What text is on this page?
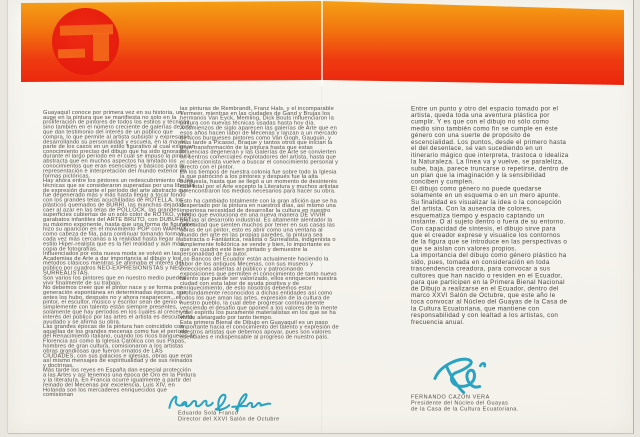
Guayaquil conoce por primera vez en su historia, un auge en la pintura que se manifiesta no solo en la proliferación de pintores de todos los estilos y técnicas, sino también en el número creciente de galerías de arte que dan testimonio del interés de un público que compra, lo que permite al artista subsistir y expresarse, desarrollando su personalidad y escuela, en la mayor parte de los casos en un estilo figurativo al cual exige un conocimiento preciso del dibujo que ha sido ignorado durante el largo período en el cual se impuso la pintura abstracta que en muchos aspectos ha limitado los conocimientos que eran esenciales y básicos para la representación e interpretación del mundo exterior en formas pictóricas.

Hay ahora entre los pintores un redescubrimiento de las técnicas que se consideraron superadas por una libertad de expresión durante el período del arte abstracto que fue degenerado más y más hasta llegar a tocar fondo con los grandes telas acuchilladas de ROTELLA, los plásticos quemados de BURRI, las manchas dejadas caer al azar en las telas de POLLOCK, las grandes superficies cubiertas de un solo color de ROTKO, y los garabatos infantiles del ARTE BRUTO, con DUBUFFET su máximo exponente, hasta que una forma de figurativo hizo su aparición en el movimiento POP con WARHOL como cabeza de fila, para continuar tomando formas cada vez más cercanas a la realidad hasta llegar al estilo Hiper-realista que es la fiel realidad y aún más, copia de fotografías.

Influenciados por esta nueva moda se volvió en las Academias de Arte a dar importancia al dibujo y los métodos clásicos mientras se afirmaba el interés del público por cuadros NEO-EXPRESIONISTAS y NEO-SURREALISTAS.

Son varios los pintores que en nuestro medio pueden vivir finalmente de su trabajo.

No debemos creer que el pintor nace y se forma por generación espontánea en determinadas épocas, que antes los hubo, después no y ahora reaparecen...el pintor, el escultor, músico y escritor sean de genio o simplemente con talento están siempre presentes, solamente que hay períodos en los cuales al crecer el interés del público por las artes el artista es descubierto, ayudado y se afirma su obra.

Las grandes épocas de la pintura han coincidido con aquellas de los grandes mecenas como fue el período del Renacimiento italiano, cuando los ricos banqueros de Florencia así como la Iglesia Católica con sus Papas, hombres de gran cultura, comisionaron a los artistas obras grandiosas que fueron ornatos de LAS CIUDADES, con sus palacios e iglesias, obras que eran así mismo mensajes de espiritualidad y de sus reinados y doctrinas.

Más tarde los reyes en España dan especial protección a las Artes y así tenemos una época de Oro en la Pintura y la literatura. En Francia ocurre igualmente a partir del reinado del Mecenas por excelencia, Luis XIV, en Holanda son los mercaderes enriquecidos que comisionan

las pinturas de Rembrandt, Franz Hals, y el incomparable Vermeer, mientras en las ciudades de Gand y Brujas los hermanos Van Eyck, Memling, Dick Bouts influenciaron la pintura con nuevas técnicas usadas hasta hoy día.

A comienzos de siglo aparecen las galerías de Arte que en esos años hacen labor de Mecenas y lanzan a un mercado de ricos burgueses pintores como Van Gogh, Gauguin, y más tarde a Picasso, Braque y tantos otros que inician la gran transformación de la pintura hasta que estas influencias degeneran y las Galerías de Arte se convierten en centros comerciales explotadores del artista, hasta que el coleccionista vuelve a buscar el conocimiento personal y directo con el pintor.

En los tiempos de nuestra colonia fue sobre todo la Iglesia la que patrocinó a los pintores y después fue la alta burguesía, hasta que se llegó a un momento de desinterés casi total por el Arte excepto la Literatura y muchos artistas no encontraron los medios necesarios para hacer su obra.

Esto ha cambiado totalmente con la gran afición que se ha despertado por la pintura en nuestros días, así mismo una imperiosa necesidad de desarrollar la cultura en nuestro medio que evoluciona en una nueva manera DE VIVIR gracias al desarrollo industrial. Es altamente alentador la necesidad que sienten muchos por tener en sus casas las obras de un pintor, esto es abrir como una ventana al mundo del arte en las propias paredes, la pintura sea abstracta o Fantástica, realista o Surrealista, indigenista o simplemente folklórica se vende y bien, lo importante es que un cuadro esté bien pintado y demuestre la personalidad de su autor.

Los Bancos del Ecuador están actualmente haciendo la labor de los antiguos Mecenas, con sus museos y colecciones abiertas al público y patrocinando exposiciones que permiten el conocimiento de tanto nuevo talento que puede ser valorizado, ellos enriquecen nuestra ciudad con esta labor de ayuda positiva y de enriquecimiento, de esto nosotros debemos estar profundamente reconocidos a dichas entidades así como todos los que aman las artes, expresión de la cultura de nuestro pueblo, la cual debe progresar continuamente venciendo el desafío que oponen a los valores de la mente y del espíritu los puramente materialistas en los que se ha vivido aletargado por tanto tiempo.

Esta primera Bienal de Dibujo en Guayaquil es un paso importante hacia el conocimiento del talento y expresión de nuestros artistas que debemos apoyar, pues son valores esenciales e indispensable al progreso de nuestro país.

Entre un punto y otro del espacio tomado por el artista, queda toda una aventura plástica por cumplir. Y es que con el dibujo no sólo como medio sino también como fin se cumple en éste género con una suerte de propósito de escencialidad. Los puntos, desde el primero hasta el del desenlace, se van sucediendo en un itinerario mágico que interpreta, trastoca o idealiza la Naturaleza. La línea va y vuelve, se paraleliza, sube, baja, parece truncarse o repetirse, dentro de un plan que la imaginación y la sensibilidad conciben y cumplen.

El dibujo como género no puede quedarse solamente en un esquema o en un mero apunte. Su finalidad es visualizar la idea o la concepción del artista. Con la ausencia de colores, esquematiza tiempo y espacio captando un instante. O al sujeto dentro o fuera de su entorno. Con capacidad de síntesis, el dibujo sirve para que el creador exprese y visualice los contornos de la figura que se introduce en las perspectivas o que se aislan con valores propios.

La importancia del dibujo como género plástico ha sido, pues, tomada en consideración en toda trascendencia creadora, para convocar a sus cultores que han nacido o residen en el Ecuador, para que participen en la Primera Bienal Nacional de Dibujo a realizarse en el Ecuador, dentro del marco XXVI Salón de Octubre, que este año le toca convocar al Núcleo del Guayas de la Casa de la Cultura Ecuatoriana, que mantiene con responsabilidad y con lealtad a los artistas, con frecuencia anual.

Eduardo Solá Franco
Director del XXVI Salón de Octubre
FERNANDO CAZON VERA
Presidente del Núcleo del Guayas
de la Casa de la Cultura Ecuatoriana.
